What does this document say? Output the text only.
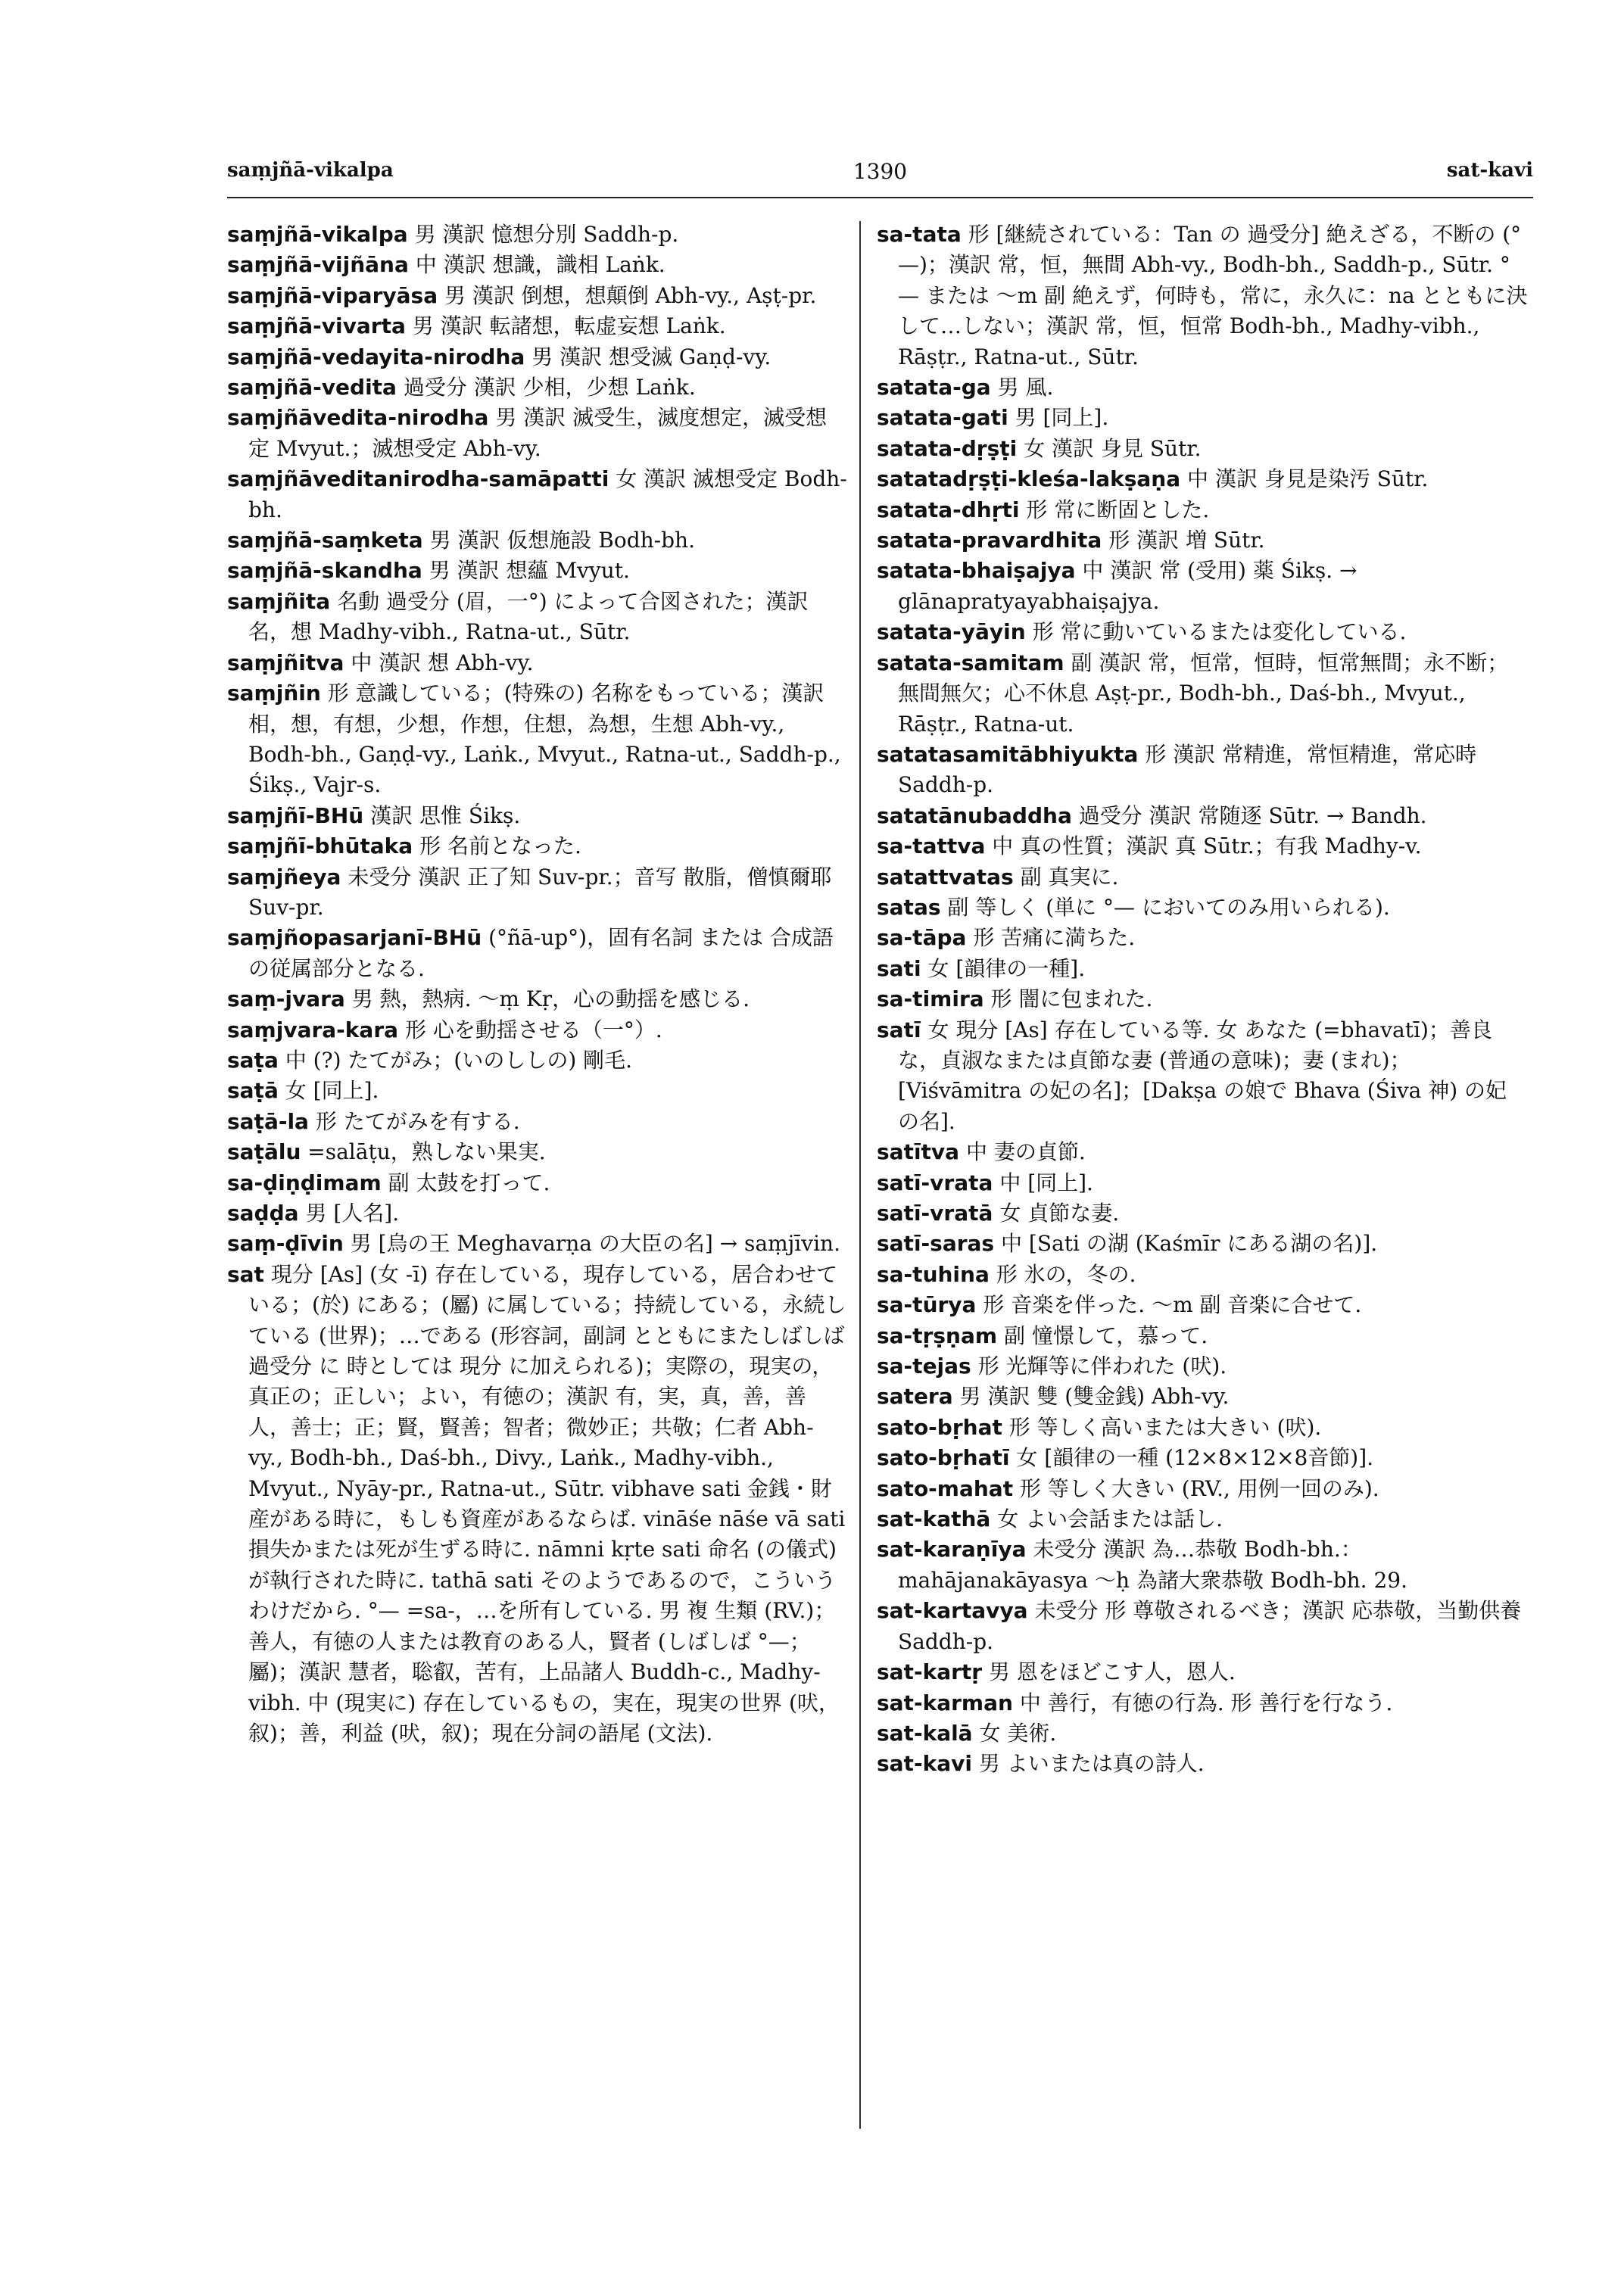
saṃjñā-vikalpa	1390	sat-kavi

saṃjñā-vikalpa 男 漢訳 憶想分別 Saddh-p.

saṃjñā-vijñāna 中 漢訳 想識，識相 Laṅk.

saṃjñā-viparyāsa 男 漢訳 倒想，想顛倒 Abh-vy., Aṣṭ-pr.

saṃjñā-vivarta 男 漢訳 転諸想，転虚妄想 Laṅk.

saṃjñā-vedayita-nirodha 男 漢訳 想受滅 Gaṇḍ-vy.

saṃjñā-vedita 過受分 漢訳 少相，少想 Laṅk.

saṃjñāvedita-nirodha 男 漢訳 滅受生，滅度想定，滅受想定 Mvyut.；滅想受定 Abh-vy.

saṃjñāveditanirodha-samāpatti 女 漢訳 滅想受定 Bodh-bh.

saṃjñā-saṃketa 男 漢訳 仮想施設 Bodh-bh.

saṃjñā-skandha 男 漢訳 想蘊 Mvyut.

saṃjñita 名動 過受分 (眉，一°) によって合図された；漢訳 名，想 Madhy-vibh., Ratna-ut., Sūtr.

saṃjñitva 中 漢訳 想 Abh-vy.

saṃjñin 形 意識している；(特殊の) 名称をもっている；漢訳 相，想，有想，少想，作想，住想，為想，生想 Abh-vy., Bodh-bh., Gaṇḍ-vy., Laṅk., Mvyut., Ratna-ut., Saddh-p., Śikṣ., Vajr-s.

saṃjñī-BHū 漢訳 思惟 Śikṣ.

saṃjñī-bhūtaka 形 名前となった.

saṃjñeya 未受分 漢訳 正了知 Suv-pr.；音写 散脂，僧慎爾耶 Suv-pr.

saṃjñopasarjanī-BHū (°ñā-up°)，固有名詞 または 合成語の従属部分となる.

saṃ-jvara 男 熱，熱病. ～ṃ Kṛ，心の動揺を感じる.

saṃjvara-kara 形 心を動揺させる（一°）.

saṭa 中 (?) たてがみ；(いのししの) 剛毛.

saṭā 女 [同上].

saṭā-la 形 たてがみを有する.

saṭālu =salāṭu，熟しない果実.

sa-ḍiṇḍimam 副 太鼓を打って.

saḍḍa 男 [人名].

saṃ-ḍīvin 男 [烏の王 Meghavarṇa の大臣の名] → saṃjīvin.

sat 現分 [As] (女 -ī) 存在している，現存している，居合わせている；(於) にある；(屬) に属している；持続している，永続している (世界)；…である (形容詞，副詞 とともにまたしばしば 過受分 に 時としては 現分 に加えられる)；実際の，現実の，真正の；正しい；よい，有徳の；漢訳 有，実，真，善，善人，善士；正；賢，賢善；智者；微妙正；共敬；仁者 Abh-vy., Bodh-bh., Daś-bh., Divy., Laṅk., Madhy-vibh., Mvyut., Nyāy-pr., Ratna-ut., Sūtr. vibhave sati 金銭・財産がある時に，もしも資産があるならば. vināśe nāśe vā sati 損失かまたは死が生ずる時に. nāmni kṛte sati 命名 (の儀式) が執行された時に. tathā sati そのようであるので，こういうわけだから. °— =sa-，…を所有している. 男 複 生類 (RV.)；善人，有徳の人または教育のある人，賢者 (しばしば °—；屬)；漢訳 慧者，聡叡，苦有，上品諸人 Buddh-c., Madhy-vibh. 中 (現実に) 存在しているもの，実在，現実の世界 (吠，叙)；善，利益 (吠，叙)；現在分詞の語尾 (文法).

sa-tata 形 [継続されている：Tan の 過受分] 絶えざる，不断の (°—)；漢訳 常，恒，無間 Abh-vy., Bodh-bh., Saddh-p., Sūtr. °— または ～m 副 絶えず，何時も，常に，永久に：na とともに決して…しない；漢訳 常，恒，恒常 Bodh-bh., Madhy-vibh., Rāṣṭr., Ratna-ut., Sūtr.

satata-ga 男 風.

satata-gati 男 [同上].

satata-dṛṣṭi 女 漢訳 身見 Sūtr.

satatadṛṣṭi-kleśa-lakṣaṇa 中 漢訳 身見是染汚 Sūtr.

satata-dhṛti 形 常に断固とした.

satata-pravardhita 形 漢訳 増 Sūtr.

satata-bhaiṣajya 中 漢訳 常 (受用) 薬 Śikṣ. → glānapratyayabhaiṣajya.

satata-yāyin 形 常に動いているまたは変化している.

satata-samitam 副 漢訳 常，恒常，恒時，恒常無間；永不断；無間無欠；心不休息 Aṣṭ-pr., Bodh-bh., Daś-bh., Mvyut., Rāṣṭr., Ratna-ut.

satatasamitābhiyukta 形 漢訳 常精進，常恒精進，常応時 Saddh-p.

satatānubaddha 過受分 漢訳 常随逐 Sūtr. → Bandh.

sa-tattva 中 真の性質；漢訳 真 Sūtr.；有我 Madhy-v.

satattvatas 副 真実に.

satas 副 等しく (単に °— においてのみ用いられる).

sa-tāpa 形 苦痛に満ちた.

sati 女 [韻律の一種].

sa-timira 形 闇に包まれた.

satī 女 現分 [As] 存在している等. 女 あなた (=bhavatī)；善良な，貞淑なまたは貞節な妻 (普通の意味)；妻 (まれ)；[Viśvāmitra の妃の名]；[Dakṣa の娘で Bhava (Śiva 神) の妃の名].

satītva 中 妻の貞節.

satī-vrata 中 [同上].

satī-vratā 女 貞節な妻.

satī-saras 中 [Sati の湖 (Kaśmīr にある湖の名)].

sa-tuhina 形 氷の，冬の.

sa-tūrya 形 音楽を伴った. ～m 副 音楽に合せて.

sa-tṛṣṇam 副 憧憬して，慕って.

sa-tejas 形 光輝等に伴われた (吠).

satera 男 漢訳 雙 (雙金銭) Abh-vy.

sato-bṛhat 形 等しく高いまたは大きい (吠).

sato-bṛhatī 女 [韻律の一種 (12×8×12×8音節)].

sato-mahat 形 等しく大きい (RV., 用例一回のみ).

sat-kathā 女 よい会話または話し.

sat-karaṇīya 未受分 漢訳 為…恭敬 Bodh-bh.：mahājanakāyasya ～ḥ 為諸大衆恭敬 Bodh-bh. 29.

sat-kartavya 未受分 形 尊敬されるべき；漢訳 応恭敬，当勤供養 Saddh-p.

sat-kartṛ 男 恩をほどこす人，恩人.

sat-karman 中 善行，有徳の行為. 形 善行を行なう.

sat-kalā 女 美術.

sat-kavi 男 よいまたは真の詩人.
